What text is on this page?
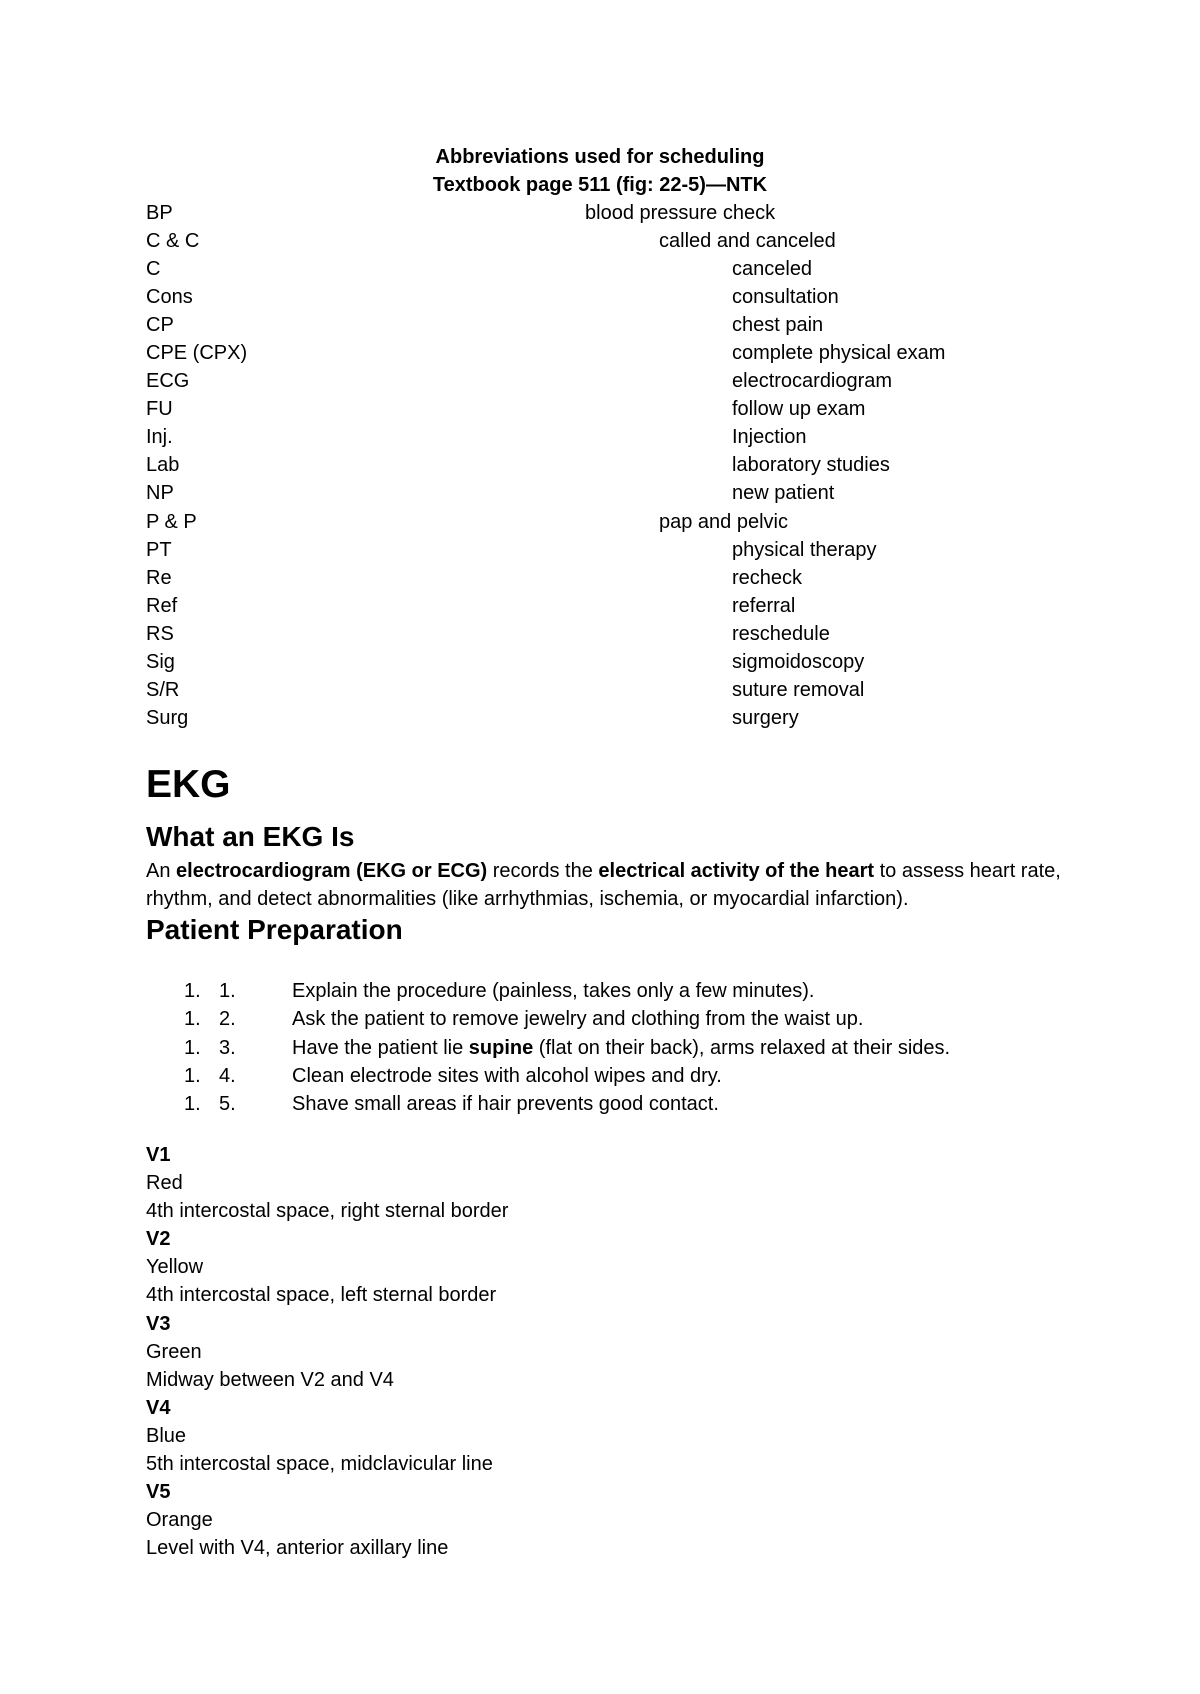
Abbreviations used for scheduling
Textbook page 511 (fig: 22-5)—NTK
BP	blood pressure check
C & C	called and canceled
C	canceled
Cons	consultation
CP	chest pain
CPE (CPX)	complete physical exam
ECG	electrocardiogram
FU	follow up exam
Inj.	Injection
Lab	laboratory studies
NP	new patient
P & P	pap and pelvic
PT	physical therapy
Re	recheck
Ref	referral
RS	reschedule
Sig	sigmoidoscopy
S/R	suture removal
Surg	surgery
EKG
What an EKG Is
An electrocardiogram (EKG or ECG) records the electrical activity of the heart to assess heart rate, rhythm, and detect abnormalities (like arrhythmias, ischemia, or myocardial infarction).
Patient Preparation
1. 1.	Explain the procedure (painless, takes only a few minutes).
1. 2.	Ask the patient to remove jewelry and clothing from the waist up.
1. 3.	Have the patient lie supine (flat on their back), arms relaxed at their sides.
1. 4.	Clean electrode sites with alcohol wipes and dry.
1. 5.	Shave small areas if hair prevents good contact.
V1
Red
4th intercostal space, right sternal border
V2
Yellow
4th intercostal space, left sternal border
V3
Green
Midway between V2 and V4
V4
Blue
5th intercostal space, midclavicular line
V5
Orange
Level with V4, anterior axillary line
